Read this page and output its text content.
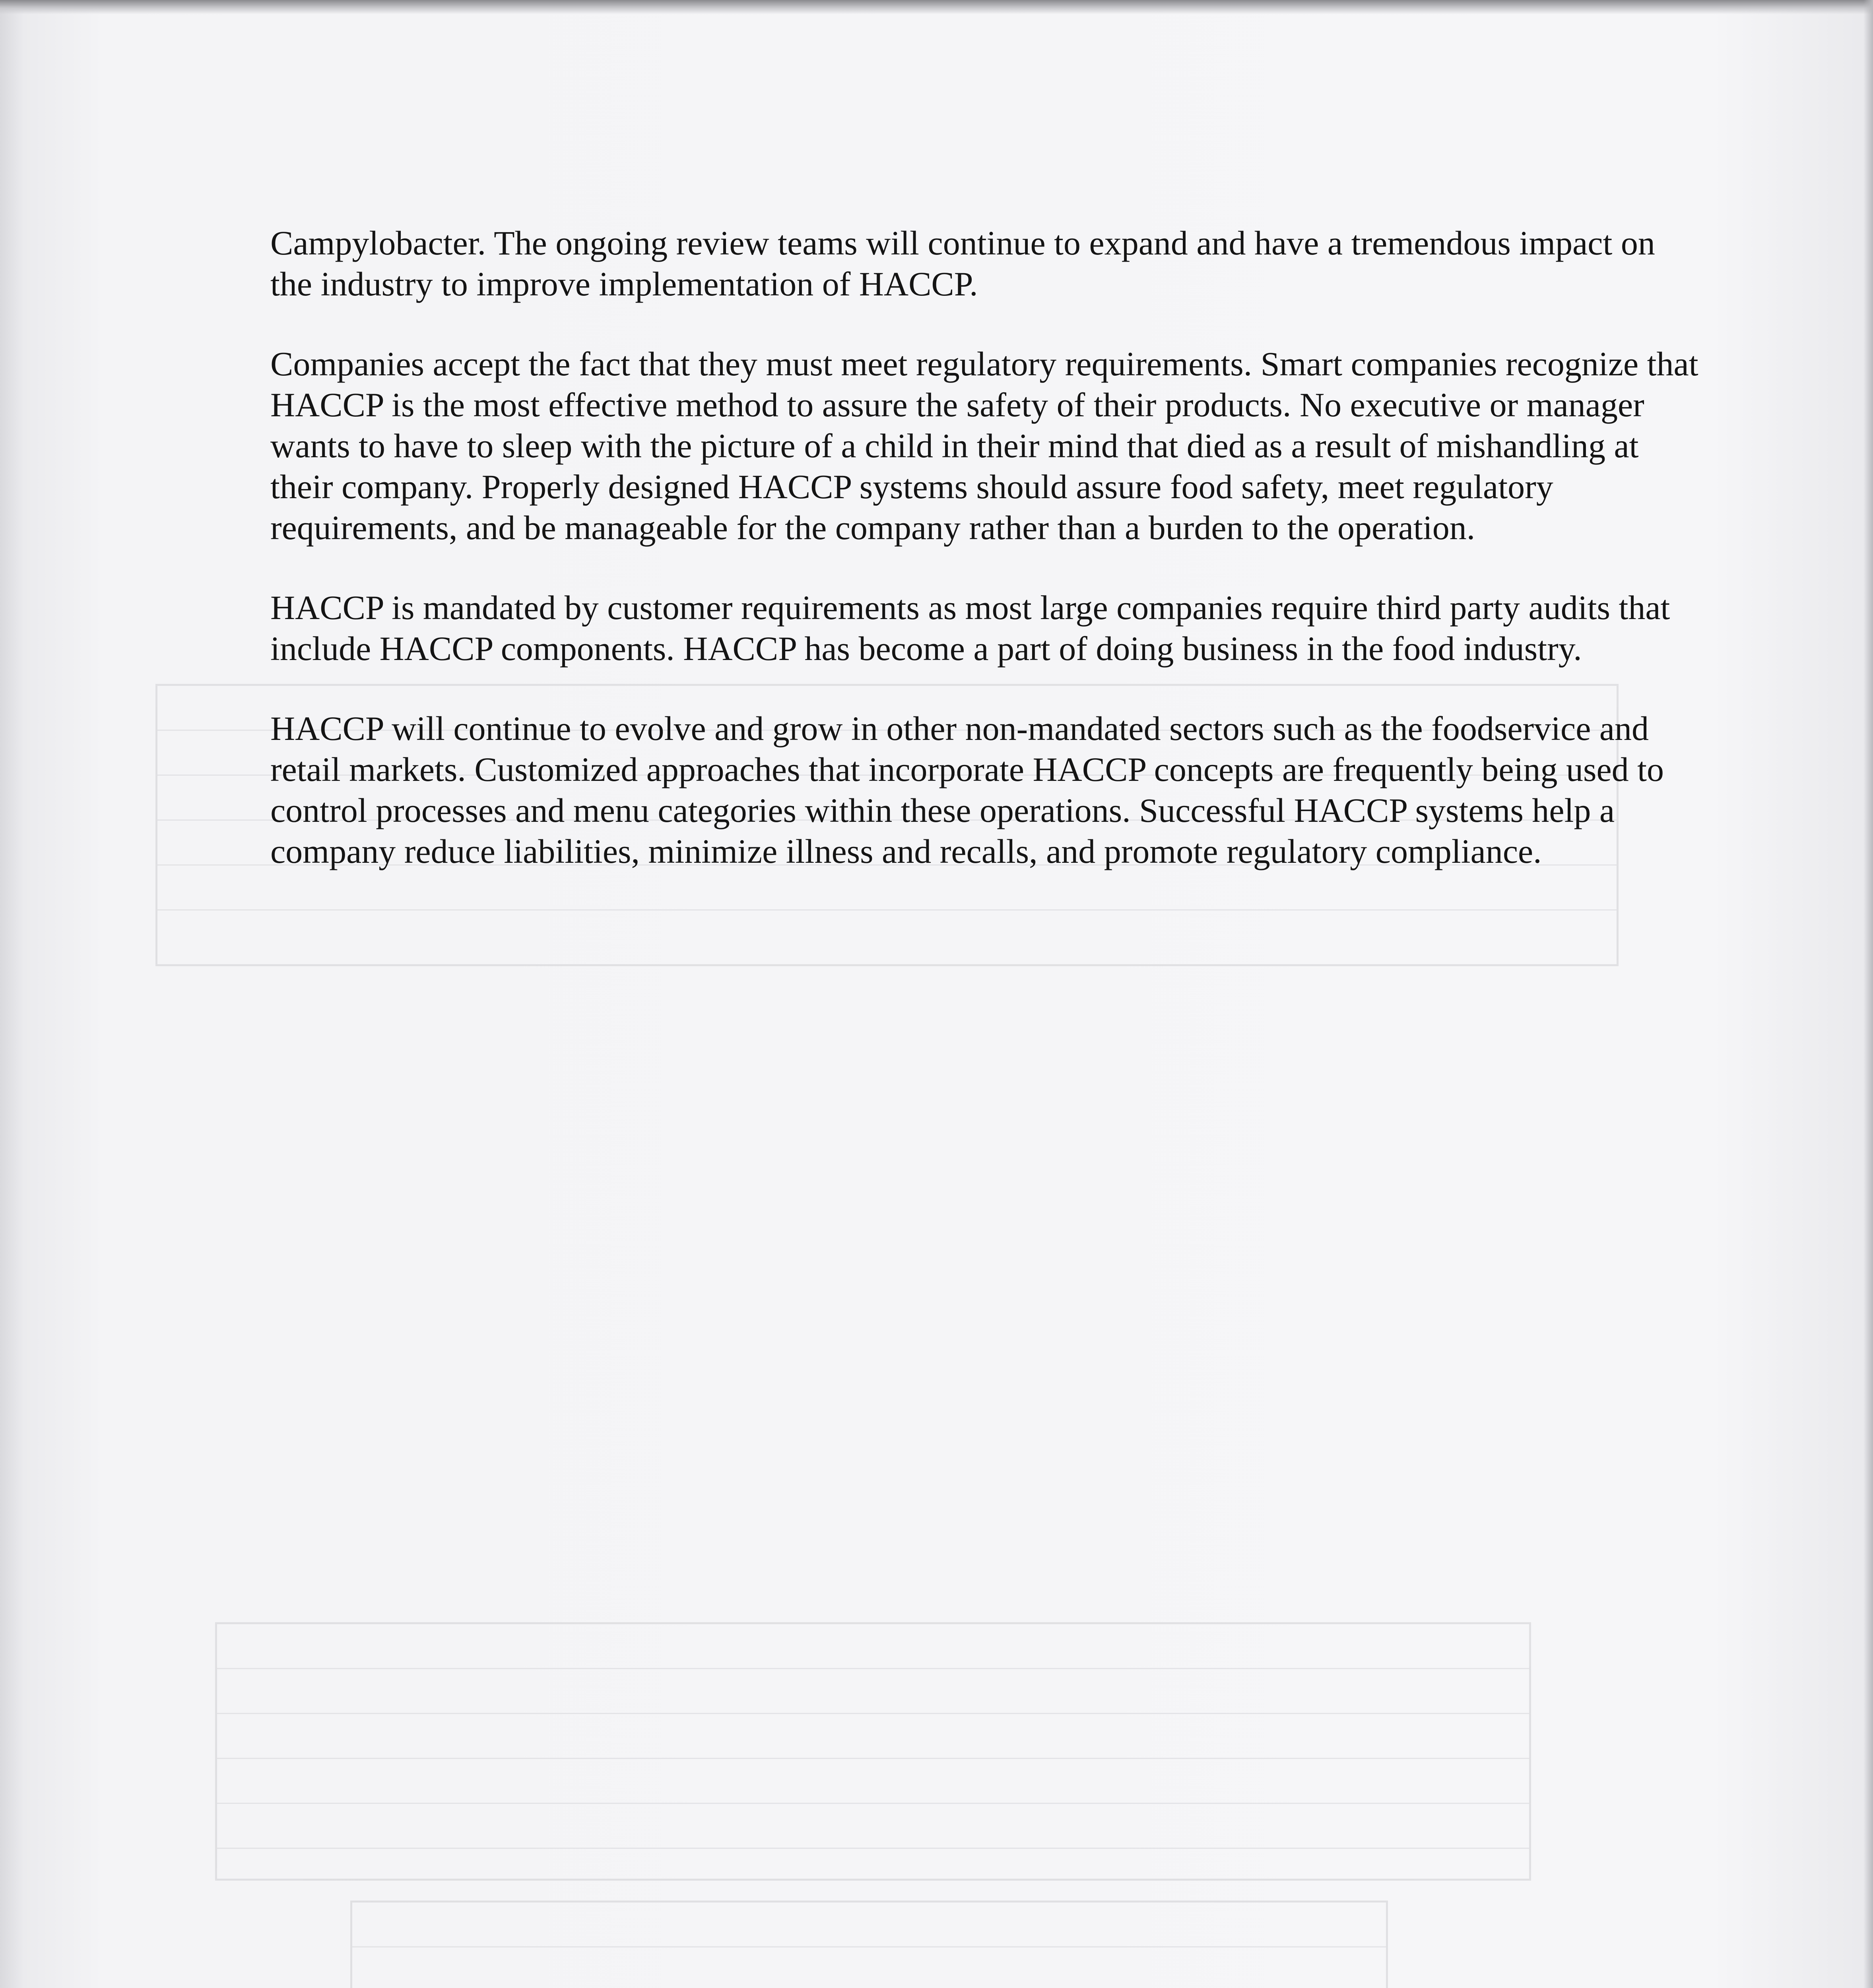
Campylobacter. The ongoing review teams will continue to expand and have a tremendous impact on the industry to improve implementation of HACCP.

Companies accept the fact that they must meet regulatory requirements. Smart companies recognize that HACCP is the most effective method to assure the safety of their products. No executive or manager wants to have to sleep with the picture of a child in their mind that died as a result of mishandling at their company. Properly designed HACCP systems should assure food safety, meet regulatory requirements, and be manageable for the company rather than a burden to the operation.

HACCP is mandated by customer requirements as most large companies require third party audits that include HACCP components. HACCP has become a part of doing business in the food industry.

HACCP will continue to evolve and grow in other non-mandated sectors such as the foodservice and retail markets. Customized approaches that incorporate HACCP concepts are frequently being used to control processes and menu categories within these operations. Successful HACCP systems help a company reduce liabilities, minimize illness and recalls, and promote regulatory compliance.
